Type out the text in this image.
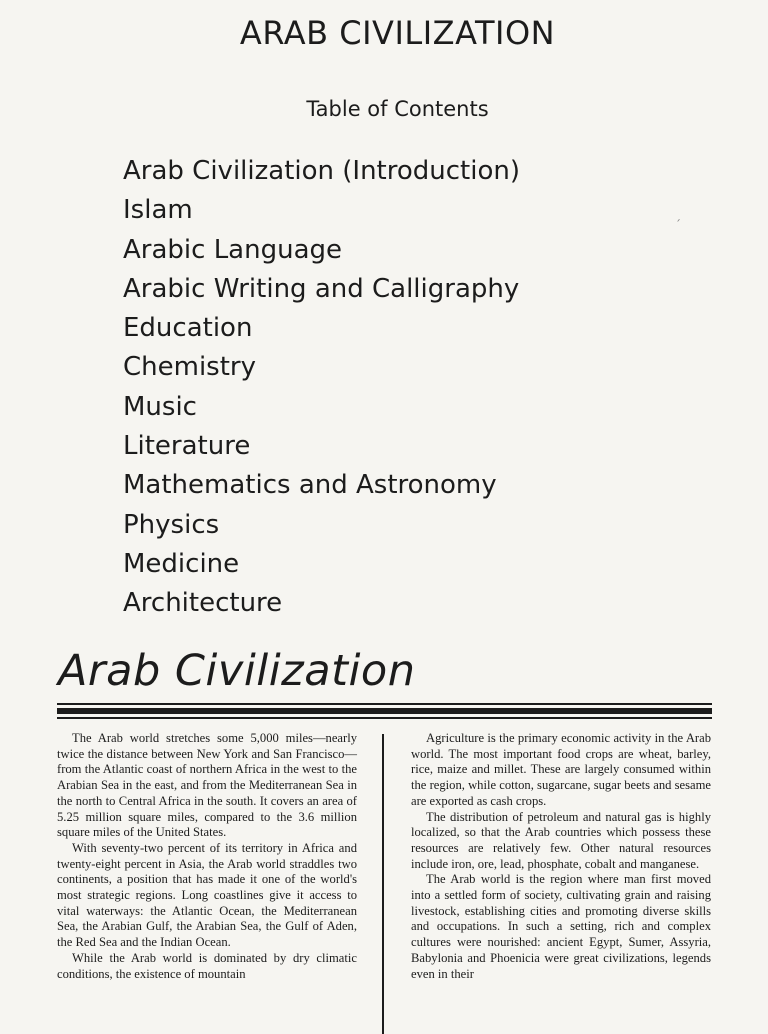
ARAB CIVILIZATION
Table of Contents
Arab Civilization (Introduction)
Islam
Arabic Language
Arabic Writing and Calligraphy
Education
Chemistry
Music
Literature
Mathematics and Astronomy
Physics
Medicine
Architecture
ˊ
Arab Civilization

The Arab world stretches some 5,000 miles—nearly twice the distance between New York and San Francisco—from the Atlantic coast of northern Africa in the west to the Arabian Sea in the east, and from the Mediterranean Sea in the north to Central Africa in the south. It covers an area of 5.25 million square miles, compared to the 3.6 million square miles of the United States.

With seventy-two percent of its territory in Africa and twenty-eight percent in Asia, the Arab world straddles two continents, a position that has made it one of the world's most strategic regions. Long coastlines give it access to vital waterways: the Atlantic Ocean, the Mediterranean Sea, the Arabian Gulf, the Arabian Sea, the Gulf of Aden, the Red Sea and the Indian Ocean.

While the Arab world is dominated by dry climatic conditions, the existence of mountain

Agriculture is the primary economic activity in the Arab world. The most important food crops are wheat, barley, rice, maize and millet. These are largely consumed within the region, while cotton, sugarcane, sugar beets and sesame are exported as cash crops.

The distribution of petroleum and natural gas is highly localized, so that the Arab countries which possess these resources are relatively few. Other natural resources include iron, ore, lead, phosphate, cobalt and manganese.

The Arab world is the region where man first moved into a settled form of society, cultivating grain and raising livestock, establishing cities and promoting diverse skills and occupations. In such a setting, rich and complex cultures were nourished: ancient Egypt, Sumer, Assyria, Babylonia and Phoenicia were great civilizations, legends even in their
